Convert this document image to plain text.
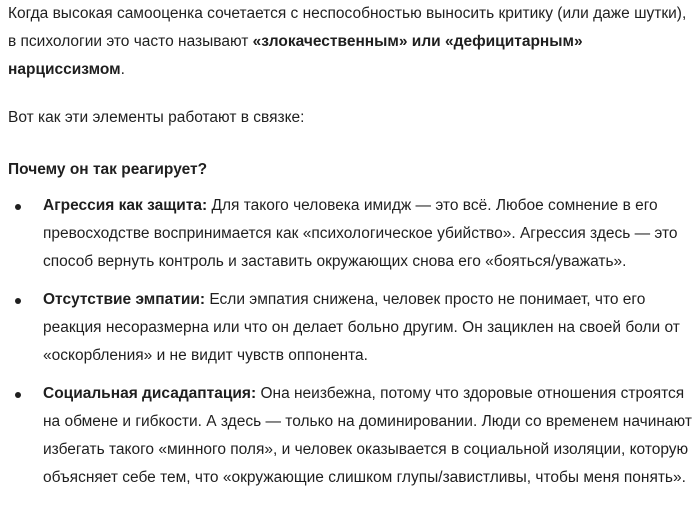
Когда высокая самооценка сочетается с неспособностью выносить критику (или даже шутки), в психологии это часто называют «злокачественным» или «дефицитарным» нарциссизмом.

Вот как эти элементы работают в связке:

Почему он так реагирует?

Агрессия как защита: Для такого человека имидж — это всё. Любое сомнение в его превосходстве воспринимается как «психологическое убийство». Агрессия здесь — это способ вернуть контроль и заставить окружающих снова его «бояться/уважать».
Отсутствие эмпатии: Если эмпатия снижена, человек просто не понимает, что его реакция несоразмерна или что он делает больно другим. Он зациклен на своей боли от «оскорбления» и не видит чувств оппонента.
Социальная дисадаптация: Она неизбежна, потому что здоровые отношения строятся на обмене и гибкости. А здесь — только на доминировании. Люди со временем начинают избегать такого «минного поля», и человек оказывается в социальной изоляции, которую объясняет себе тем, что «окружающие слишком глупы/завистливы, чтобы меня понять».
